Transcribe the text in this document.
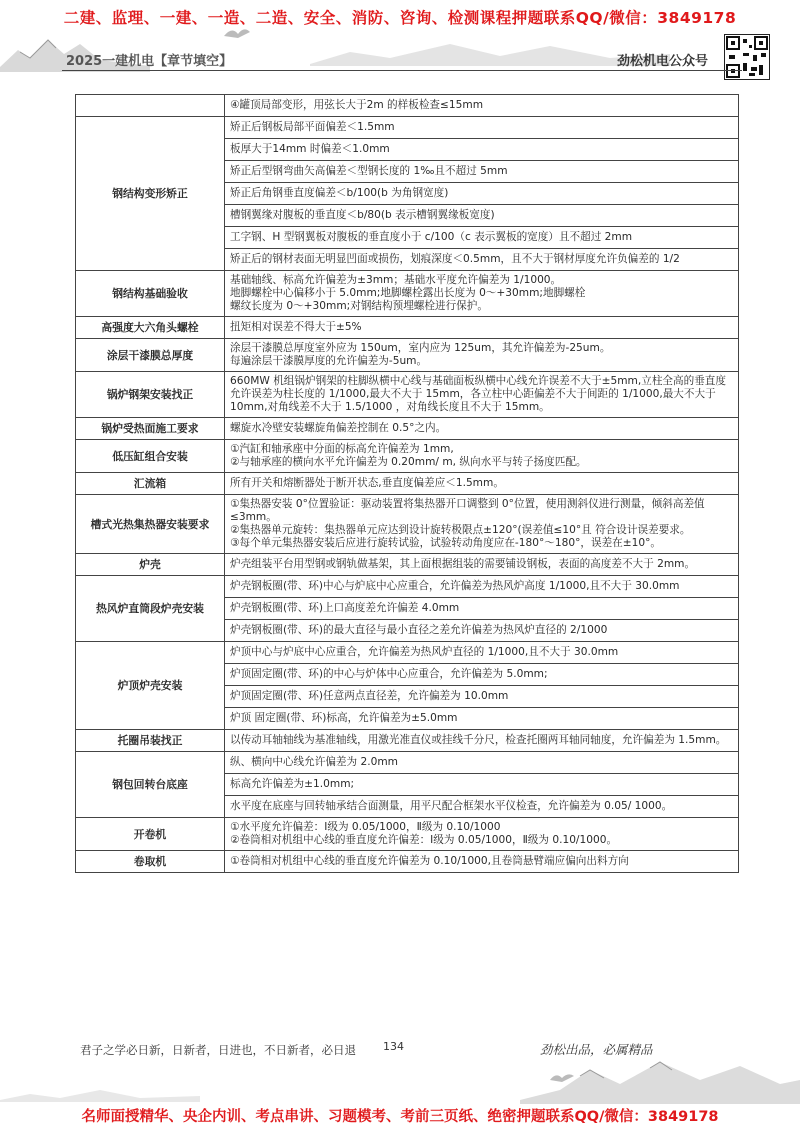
二建、监理、一建、一造、二造、安全、消防、咨询、检测课程押题联系QQ/微信：3849178
2025一建机电【章节填空】	劲松机电公众号
	④罐顶局部变形，用弦长大于2m 的样板检查≤15mm
钢结构变形矫正	矫正后钢板局部平面偏差＜1.5mm
	板厚大于14mm 时偏差＜1.0mm
	矫正后型钢弯曲矢高偏差＜型钢长度的 1‰且不超过 5mm
	矫正后角钢垂直度偏差＜b/100(b 为角钢宽度)
	槽钢翼缘对腹板的垂直度＜b/80(b 表示槽钢翼缘板宽度)
	工字钢、H 型钢翼板对腹板的垂直度小于 c/100（c 表示翼板的宽度）且不超过 2mm
	矫正后的钢材表面无明显凹面或损伤，划痕深度＜0.5mm，且不大于钢材厚度允许负偏差的 1/2
钢结构基础验收	基础轴线、标高允许偏差为±3mm；基础水平度允许偏差为 1/1000。
地脚螺栓中心偏移小于 5.0mm;地脚螺栓露出长度为 0～+30mm;地脚螺栓
螺纹长度为 0～+30mm;对钢结构预埋螺栓进行保护。

高强度大六角头螺栓	扭矩相对误差不得大于±5%
涂层干漆膜总厚度	涂层干漆膜总厚度室外应为 150um，室内应为 125um，其允许偏差为-25um。
每遍涂层干漆膜厚度的允许偏差为-5um。

锅炉钢架安装找正	660MW 机组锅炉钢架的柱脚纵横中心线与基础面板纵横中心线允许误差不大于±5mm,立柱全高的垂直度允许误差为柱长度的 1/1000,最大不大于 15mm，各立柱中心距偏差不大于间距的 1/1000,最大不大于 10mm,对角线差不大于 1.5/1000 ，对角线长度且不大于 15mm。
锅炉受热面施工要求	螺旋水冷壁安装螺旋角偏差控制在 0.5°之内。
低压缸组合安装	①汽缸和轴承座中分面的标高允许偏差为 1mm,
②与轴承座的横向水平允许偏差为 0.20mm/ m, 纵向水平与转子扬度匹配。

汇流箱	所有开关和熔断器处于断开状态,垂直度偏差应＜1.5mm。
槽式光热集热器安装要求	①集热器安装 0°位置验证：驱动装置将集热器开口调整到 0°位置，使用测斜仪进行测量，倾斜高差值≤3mm。
②集热器单元旋转：集热器单元应达到设计旋转极限点±120°(误差值≤10°且 符合设计误差要求。
③每个单元集热器安装后应进行旋转试验，试验转动角度应在-180°～180°，误差在±10°。

炉壳	炉壳组装平台用型钢或钢轨做基架，其上面根据组装的需要铺设钢板，表面的高度差不大于 2mm。
热风炉直筒段炉壳安装	炉壳钢板圈(带、环)中心与炉底中心应重合，允许偏差为热风炉高度 1/1000,且不大于 30.0mm
	炉壳钢板圈(带、环)上口高度差允许偏差 4.0mm
	炉壳钢板圈(带、环)的最大直径与最小直径之差允许偏差为热风炉直径的 2/1000
炉顶炉壳安装	炉顶中心与炉底中心应重合，允许偏差为热风炉直径的 1/1000,且不大于 30.0mm
	炉顶固定圈(带、环)的中心与炉体中心应重合，允许偏差为 5.0mm;
	炉顶固定圈(带、环)任意两点直径差，允许偏差为 10.0mm
	炉顶 固定圈(带、环)标高，允许偏差为±5.0mm
托圈吊装找正	以传动耳轴轴线为基准轴线，用激光准直仪或挂线千分尺，检查托圈两耳轴同轴度，允许偏差为 1.5mm。
钢包回转台底座	纵、横向中心线允许偏差为 2.0mm
	标高允许偏差为±1.0mm;
	水平度在底座与回转轴承结合面测量，用平尺配合框架水平仪检查，允许偏差为 0.05/ 1000。
开卷机	①水平度允许偏差：Ⅰ级为 0.05/1000，Ⅱ级为 0.10/1000
②卷筒相对机组中心线的垂直度允许偏差：Ⅰ级为 0.05/1000，Ⅱ级为 0.10/1000。

卷取机	①卷筒相对机组中心线的垂直度允许偏差为 0.10/1000,且卷筒悬臂端应偏向出料方向
君子之学必日新，日新者，日进也，不日新者，必日退 134	劲松出品，必属精品
名师面授精华、央企内训、考点串讲、习题模考、考前三页纸、绝密押题联系QQ/微信：3849178
